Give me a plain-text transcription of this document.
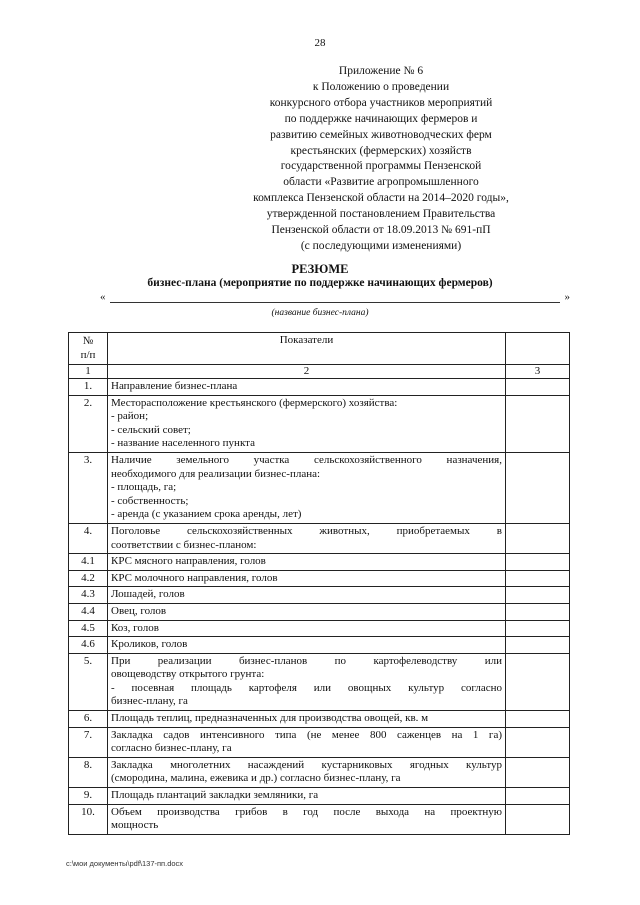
28
Приложение № 6
к Положению о проведении
конкурсного отбора участников мероприятий
по поддержке начинающих фермеров и
развитию семейных животноводческих ферм
крестьянских (фермерских) хозяйств
государственной программы Пензенской
области «Развитие агропромышленного
комплекса Пензенской области на 2014–2020 годы»,
утвержденной постановлением Правительства
Пензенской области от 18.09.2013 № 691-пП
(с последующими изменениями)
РЕЗЮМЕ
бизнес-плана (мероприятие по поддержке начинающих фермеров)
«	»
(название бизнес-плана)
№
п/п	Показатели	
1	2	3
1.	Направление бизнес-плана	

2.	Месторасположение крестьянского (фермерского) хозяйства:
- район;
- сельский совет;
- название населенного пункта	

3.	Наличие земельного участка сельскохозяйственного назначения,
необходимого для реализации бизнес-плана:
- площадь, га;
- собственность;
- аренда (с указанием срока аренды, лет)	

4.	Поголовье сельскохозяйственных животных, приобретаемых в
соответствии с бизнес-планом:	

4.1	КРС мясного направления, голов	

4.2	КРС молочного направления, голов	

4.3	Лошадей, голов	

4.4	Овец, голов	

4.5	Коз, голов	

4.6	Кроликов, голов	

5.	При реализации бизнес-планов по картофелеводству или
овощеводству открытого грунта:
- посевная площадь картофеля или овощных культур согласно
бизнес-плану, га	

6.	Площадь теплиц, предназначенных для производства овощей, кв. м	

7.	Закладка садов интенсивного типа (не менее 800 саженцев на 1 га)
согласно бизнес-плану, га	

8.	Закладка многолетних насаждений кустарниковых ягодных культур
(смородина, малина, ежевика и др.) согласно бизнес-плану, га	

9.	Площадь плантаций закладки земляники, га	

10.	Объем производства грибов в год после выхода на проектную
мощность	

c:\мои документы\pdf\137-пп.docx
